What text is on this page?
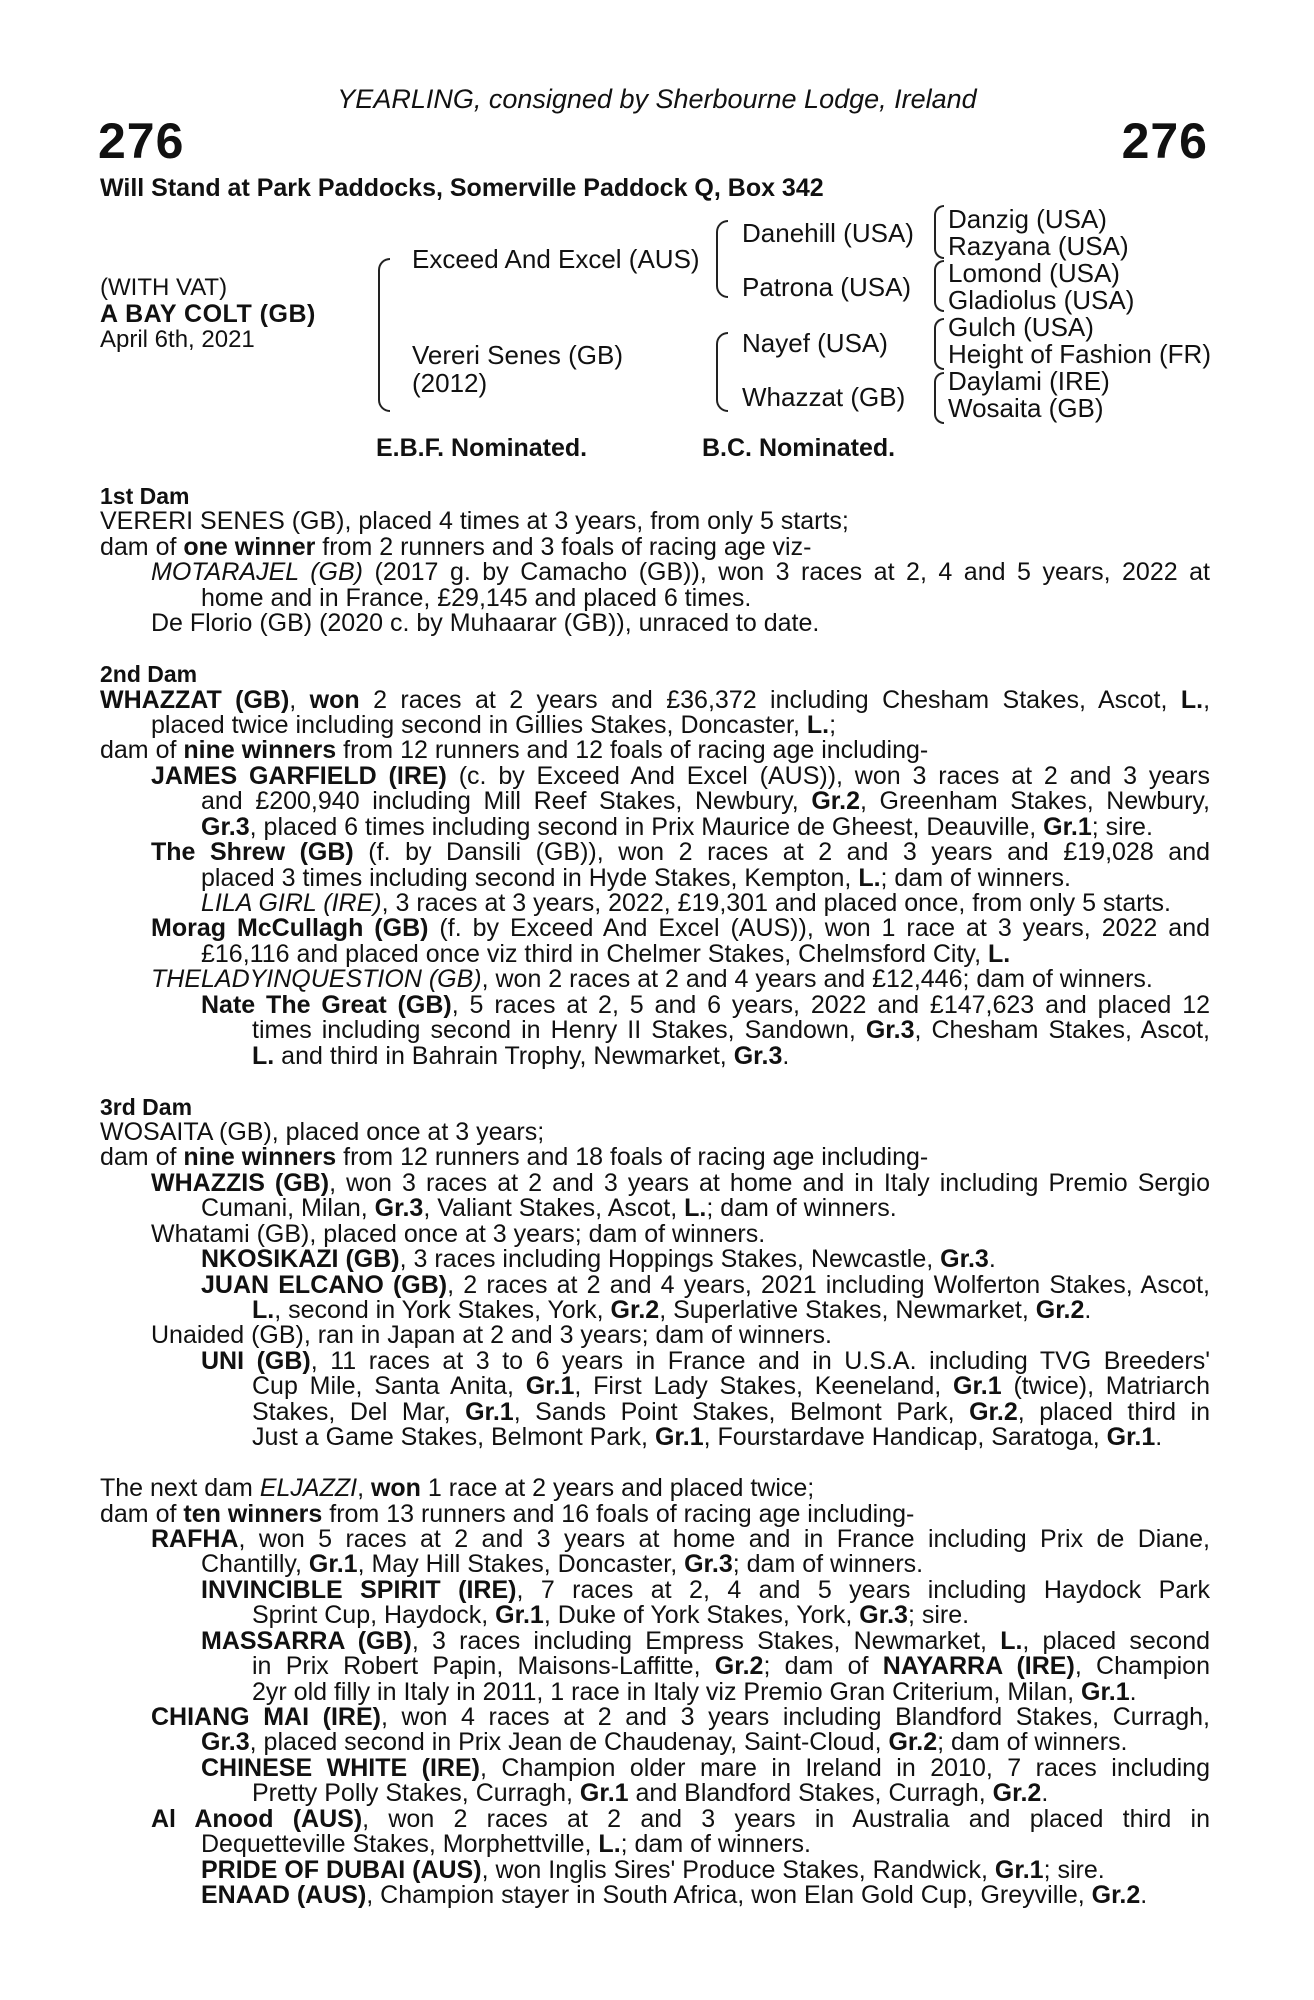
YEARLING, consigned by Sherbourne Lodge, Ireland
276	276
Will Stand at Park Paddocks, Somerville Paddock Q, Box 342
(WITH VAT)
A BAY COLT (GB)
April 6th, 2021
Exceed And Excel (AUS)
Vereri Senes (GB)
(2012)
Danehill (USA)
Patrona (USA)
Nayef (USA)
Whazzat (GB)
Danzig (USA)
Razyana (USA)
Lomond (USA)
Gladiolus (USA)
Gulch (USA)
Height of Fashion (FR)
Daylami (IRE)
Wosaita (GB)
E.B.F. Nominated.	B.C. Nominated.
1st Dam
VERERI SENES (GB), placed 4 times at 3 years, from only 5 starts;
dam of one winner from 2 runners and 3 foals of racing age viz-
MOTARAJEL (GB) (2017 g. by Camacho (GB)), won 3 races at 2, 4 and 5 years, 2022 at
home and in France, £29,145 and placed 6 times.
De Florio (GB) (2020 c. by Muhaarar (GB)), unraced to date.
2nd Dam
WHAZZAT (GB), won 2 races at 2 years and £36,372 including Chesham Stakes, Ascot, L.,
placed twice including second in Gillies Stakes, Doncaster, L.;
dam of nine winners from 12 runners and 12 foals of racing age including-
JAMES GARFIELD (IRE) (c. by Exceed And Excel (AUS)), won 3 races at 2 and 3 years
and £200,940 including Mill Reef Stakes, Newbury, Gr.2, Greenham Stakes, Newbury,
Gr.3, placed 6 times including second in Prix Maurice de Gheest, Deauville, Gr.1; sire.
The Shrew (GB) (f. by Dansili (GB)), won 2 races at 2 and 3 years and £19,028 and
placed 3 times including second in Hyde Stakes, Kempton, L.; dam of winners.
LILA GIRL (IRE), 3 races at 3 years, 2022, £19,301 and placed once, from only 5 starts.
Morag McCullagh (GB) (f. by Exceed And Excel (AUS)), won 1 race at 3 years, 2022 and
£16,116 and placed once viz third in Chelmer Stakes, Chelmsford City, L.
THELADYINQUESTION (GB), won 2 races at 2 and 4 years and £12,446; dam of winners.
Nate The Great (GB), 5 races at 2, 5 and 6 years, 2022 and £147,623 and placed 12
times including second in Henry II Stakes, Sandown, Gr.3, Chesham Stakes, Ascot,
L. and third in Bahrain Trophy, Newmarket, Gr.3.
3rd Dam
WOSAITA (GB), placed once at 3 years;
dam of nine winners from 12 runners and 18 foals of racing age including-
WHAZZIS (GB), won 3 races at 2 and 3 years at home and in Italy including Premio Sergio
Cumani, Milan, Gr.3, Valiant Stakes, Ascot, L.; dam of winners.
Whatami (GB), placed once at 3 years; dam of winners.
NKOSIKAZI (GB), 3 races including Hoppings Stakes, Newcastle, Gr.3.
JUAN ELCANO (GB), 2 races at 2 and 4 years, 2021 including Wolferton Stakes, Ascot,
L., second in York Stakes, York, Gr.2, Superlative Stakes, Newmarket, Gr.2.
Unaided (GB), ran in Japan at 2 and 3 years; dam of winners.
UNI (GB), 11 races at 3 to 6 years in France and in U.S.A. including TVG Breeders'
Cup Mile, Santa Anita, Gr.1, First Lady Stakes, Keeneland, Gr.1 (twice), Matriarch
Stakes, Del Mar, Gr.1, Sands Point Stakes, Belmont Park, Gr.2, placed third in
Just a Game Stakes, Belmont Park, Gr.1, Fourstardave Handicap, Saratoga, Gr.1.
The next dam ELJAZZI, won 1 race at 2 years and placed twice;
dam of ten winners from 13 runners and 16 foals of racing age including-
RAFHA, won 5 races at 2 and 3 years at home and in France including Prix de Diane,
Chantilly, Gr.1, May Hill Stakes, Doncaster, Gr.3; dam of winners.
INVINCIBLE SPIRIT (IRE), 7 races at 2, 4 and 5 years including Haydock Park
Sprint Cup, Haydock, Gr.1, Duke of York Stakes, York, Gr.3; sire.
MASSARRA (GB), 3 races including Empress Stakes, Newmarket, L., placed second
in Prix Robert Papin, Maisons-Laffitte, Gr.2; dam of NAYARRA (IRE), Champion
2yr old filly in Italy in 2011, 1 race in Italy viz Premio Gran Criterium, Milan, Gr.1.
CHIANG MAI (IRE), won 4 races at 2 and 3 years including Blandford Stakes, Curragh,
Gr.3, placed second in Prix Jean de Chaudenay, Saint-Cloud, Gr.2; dam of winners.
CHINESE WHITE (IRE), Champion older mare in Ireland in 2010, 7 races including
Pretty Polly Stakes, Curragh, Gr.1 and Blandford Stakes, Curragh, Gr.2.
Al Anood (AUS), won 2 races at 2 and 3 years in Australia and placed third in
Dequetteville Stakes, Morphettville, L.; dam of winners.
PRIDE OF DUBAI (AUS), won Inglis Sires' Produce Stakes, Randwick, Gr.1; sire.
ENAAD (AUS), Champion stayer in South Africa, won Elan Gold Cup, Greyville, Gr.2.
